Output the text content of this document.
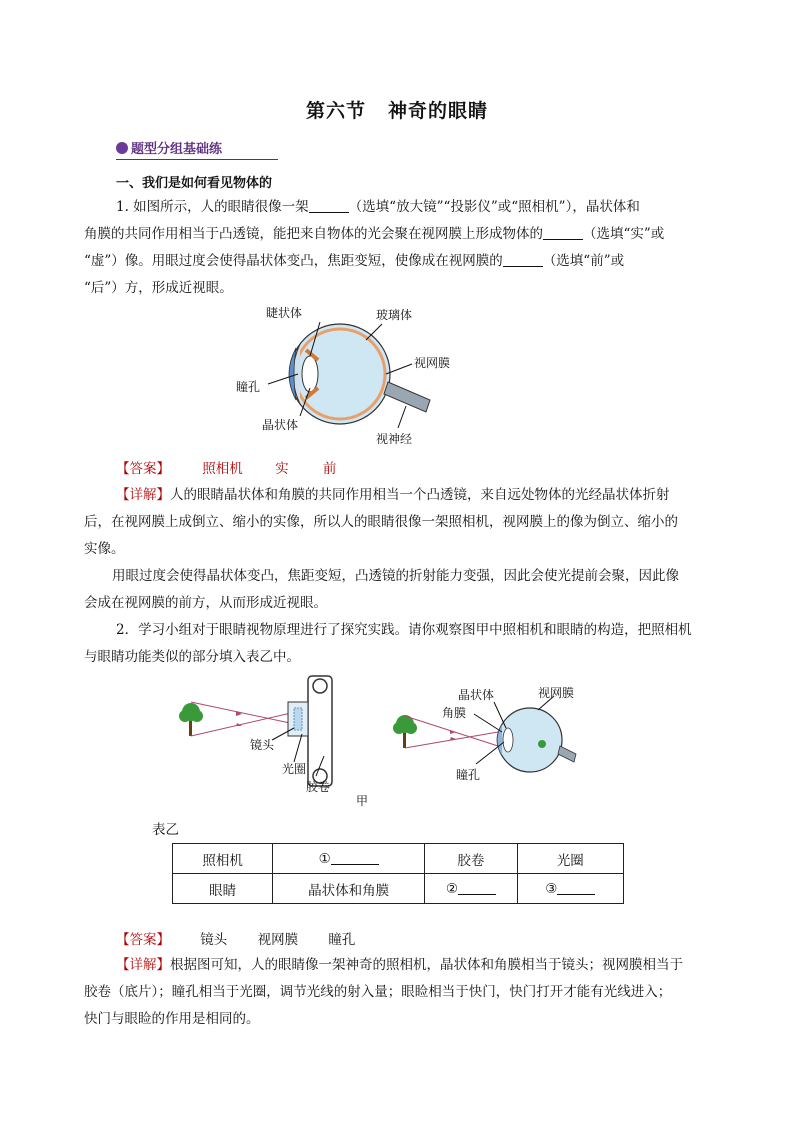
第六节 神奇的眼睛
题型分组基础练
一、我们是如何看见物体的
1. 如图所示，人的眼睛很像一架	（选填“放大镜”“投影仪”或“照相机”），晶状体和
角膜的共同作用相当于凸透镜，能把来自物体的光会聚在视网膜上形成物体的	（选填“实”或
“虚”）像。用眼过度会使得晶状体变凸，焦距变短，使像成在视网膜的	（选填“前”或
“后”）方，形成近视眼。
睫状体	玻璃体
视网膜
瞳孔
晶状体
视神经
【答案】 照相机 实	前
【详解】人的眼睛晶状体和角膜的共同作用相当一个凸透镜，来自远处物体的光经晶状体折射
后，在视网膜上成倒立、缩小的实像，所以人的眼睛很像一架照相机，视网膜上的像为倒立、缩小的
实像。
用眼过度会使得晶状体变凸，焦距变短，凸透镜的折射能力变强，因此会使光提前会聚，因此像
会成在视网膜的前方，从而形成近视眼。
2．学习小组对于眼睛视物原理进行了探究实践。请你观察图甲中照相机和眼睛的构造，把照相机
与眼睛功能类似的部分填入表乙中。
镜头
光圈
胶卷
晶状体
角膜
瞳孔
视网膜
甲
表乙
照相机	①	胶卷	光圈
眼睛	晶状体和角膜	②	③
【答案】 镜头 视网膜 瞳孔
【详解】根据图可知，人的眼睛像一架神奇的照相机，晶状体和角膜相当于镜头；视网膜相当于
胶卷（底片）；瞳孔相当于光圈，调节光线的射入量；眼睑相当于快门，快门打开才能有光线进入；
快门与眼睑的作用是相同的。
